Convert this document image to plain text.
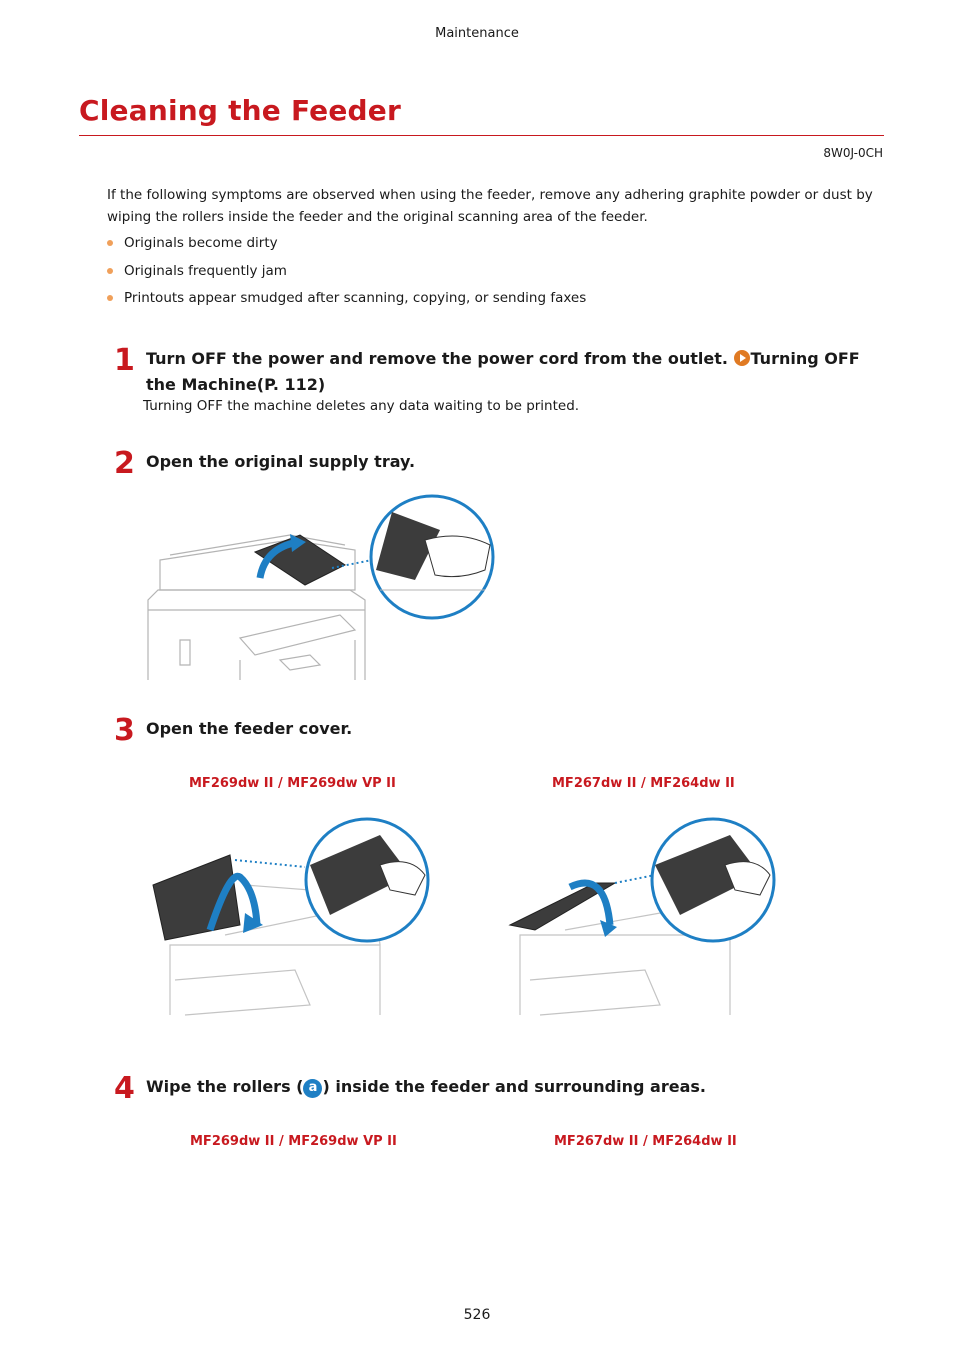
Maintenance
Cleaning the Feeder
8W0J-0CH
If the following symptoms are observed when using the feeder, remove any adhering graphite powder or dust by wiping the rollers inside the feeder and the original scanning area of the feeder.
Originals become dirty
Originals frequently jam
Printouts appear smudged after scanning, copying, or sending faxes
1 Turn OFF the power and remove the power cord from the outlet. Turning OFF the Machine(P. 112)
Turning OFF the machine deletes any data waiting to be printed.
2 Open the original supply tray.
3 Open the feeder cover.
MF269dw II / MF269dw VP II	MF267dw II / MF264dw II
4 Wipe the rollers ( a ) inside the feeder and surrounding areas.
MF269dw II / MF269dw VP II	MF267dw II / MF264dw II
526
